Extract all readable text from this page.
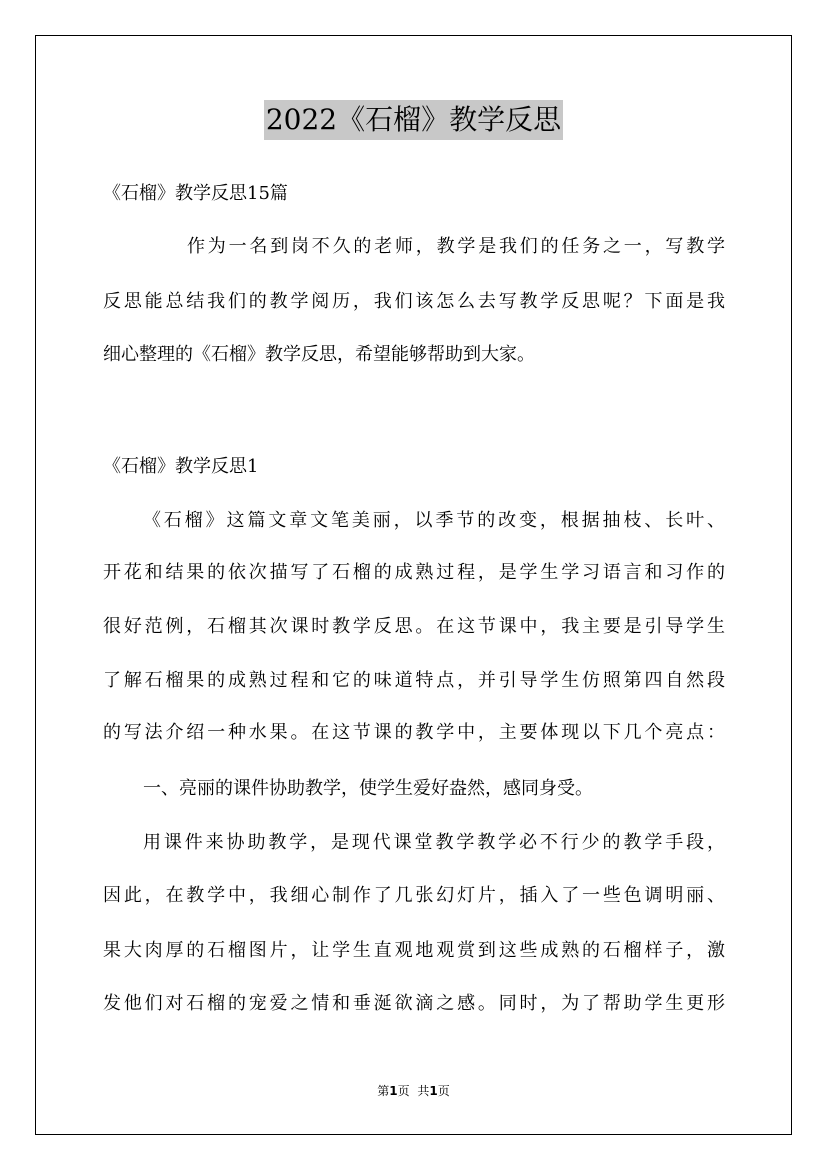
2022《石榴》教学反思
《石榴》教学反思15篇
作为一名到岗不久的老师，教学是我们的任务之一，写教学
反思能总结我们的教学阅历，我们该怎么去写教学反思呢？下面是我
细心整理的《石榴》教学反思，希望能够帮助到大家。
《石榴》教学反思1
《石榴》这篇文章文笔美丽，以季节的改变，根据抽枝、长叶、
开花和结果的依次描写了石榴的成熟过程，是学生学习语言和习作的
很好范例，石榴其次课时教学反思。在这节课中，我主要是引导学生
了解石榴果的成熟过程和它的味道特点，并引导学生仿照第四自然段
的写法介绍一种水果。在这节课的教学中，主要体现以下几个亮点：
一、亮丽的课件协助教学，使学生爱好盎然，感同身受。
用课件来协助教学，是现代课堂教学教学必不行少的教学手段，
因此，在教学中，我细心制作了几张幻灯片，插入了一些色调明丽、
果大肉厚的石榴图片，让学生直观地观赏到这些成熟的石榴样子，激
发他们对石榴的宠爱之情和垂涎欲滴之感。同时，为了帮助学生更形
第1页 共1页
